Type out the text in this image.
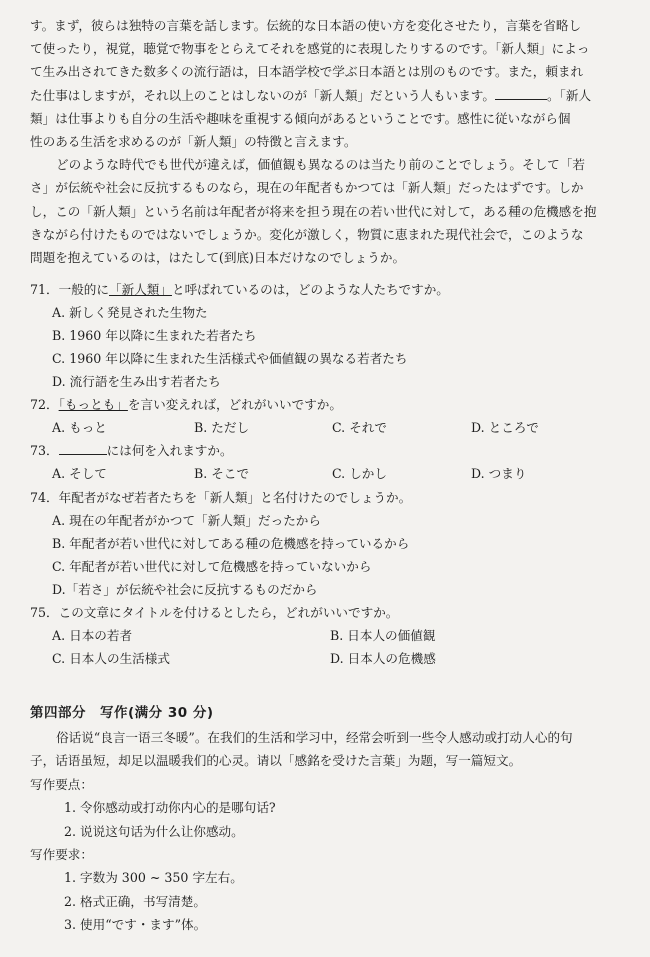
す。まず，彼らは独特の言葉を話します。伝統的な日本語の使い方を変化させたり，言葉を省略し
て使ったり，視覚，聴覚で物事をとらえてそれを感覚的に表現したりするのです。「新人類」によっ
て生み出されてきた数多くの流行語は，日本語学校で学ぶ日本語とは別のものです。また，頼まれ
た仕事はしますが，それ以上のことはしないのが「新人類」だという人もいます。	。「新人
類」は仕事よりも自分の生活や趣味を重視する傾向があるということです。感性に従いながら個
性のある生活を求めるのが「新人類」の特徴と言えます。
どのような時代でも世代が違えば，価値観も異なるのは当たり前のことでしょう。そして「若
さ」が伝統や社会に反抗するものなら，現在の年配者もかつては「新人類」だったはずです。しか
し，この「新人類」という名前は年配者が将来を担う現在の若い世代に対して，ある種の危機感を抱
きながら付けたものではないでしょうか。変化が激しく，物質に恵まれた現代社会で，このような
問題を抱えているのは，はたして(到底)日本だけなのでしょうか。
71．一般的に「新人類」と呼ばれているのは，どのような人たちですか。
A. 新しく発見された生物た
B. 1960 年以降に生まれた若者たち
C. 1960 年以降に生まれた生活様式や価値観の異なる若者たち
D. 流行語を生み出す若者たち
72．「もっとも」を言い変えれば，どれがいいですか。
A. もっと	B. ただし	C. それで	D. ところで
73．	には何を入れますか。
A. そして	B. そこで	C. しかし	D. つまり
74．年配者がなぜ若者たちを「新人類」と名付けたのでしょうか。
A. 現在の年配者がかつて「新人類」だったから
B. 年配者が若い世代に対してある種の危機感を持っているから
C. 年配者が若い世代に対して危機感を持っていないから
D.「若さ」が伝統や社会に反抗するものだから
75．この文章にタイトルを付けるとしたら，どれがいいですか。
A. 日本の若者	B. 日本人の価値観
C. 日本人の生活様式	D. 日本人の危機感
第四部分　写作(满分 30 分)
俗话说“良言一语三冬暖”。在我们的生活和学习中，经常会听到一些令人感动或打动人心的句
子，话语虽短，却足以温暖我们的心灵。请以「感銘を受けた言葉」为题，写一篇短文。
写作要点：
1. 令你感动或打动你内心的是哪句话?
2. 说说这句话为什么让你感动。
写作要求：
1. 字数为 300 ~ 350 字左右。
2. 格式正确，书写清楚。
3. 使用“です・ます”体。
